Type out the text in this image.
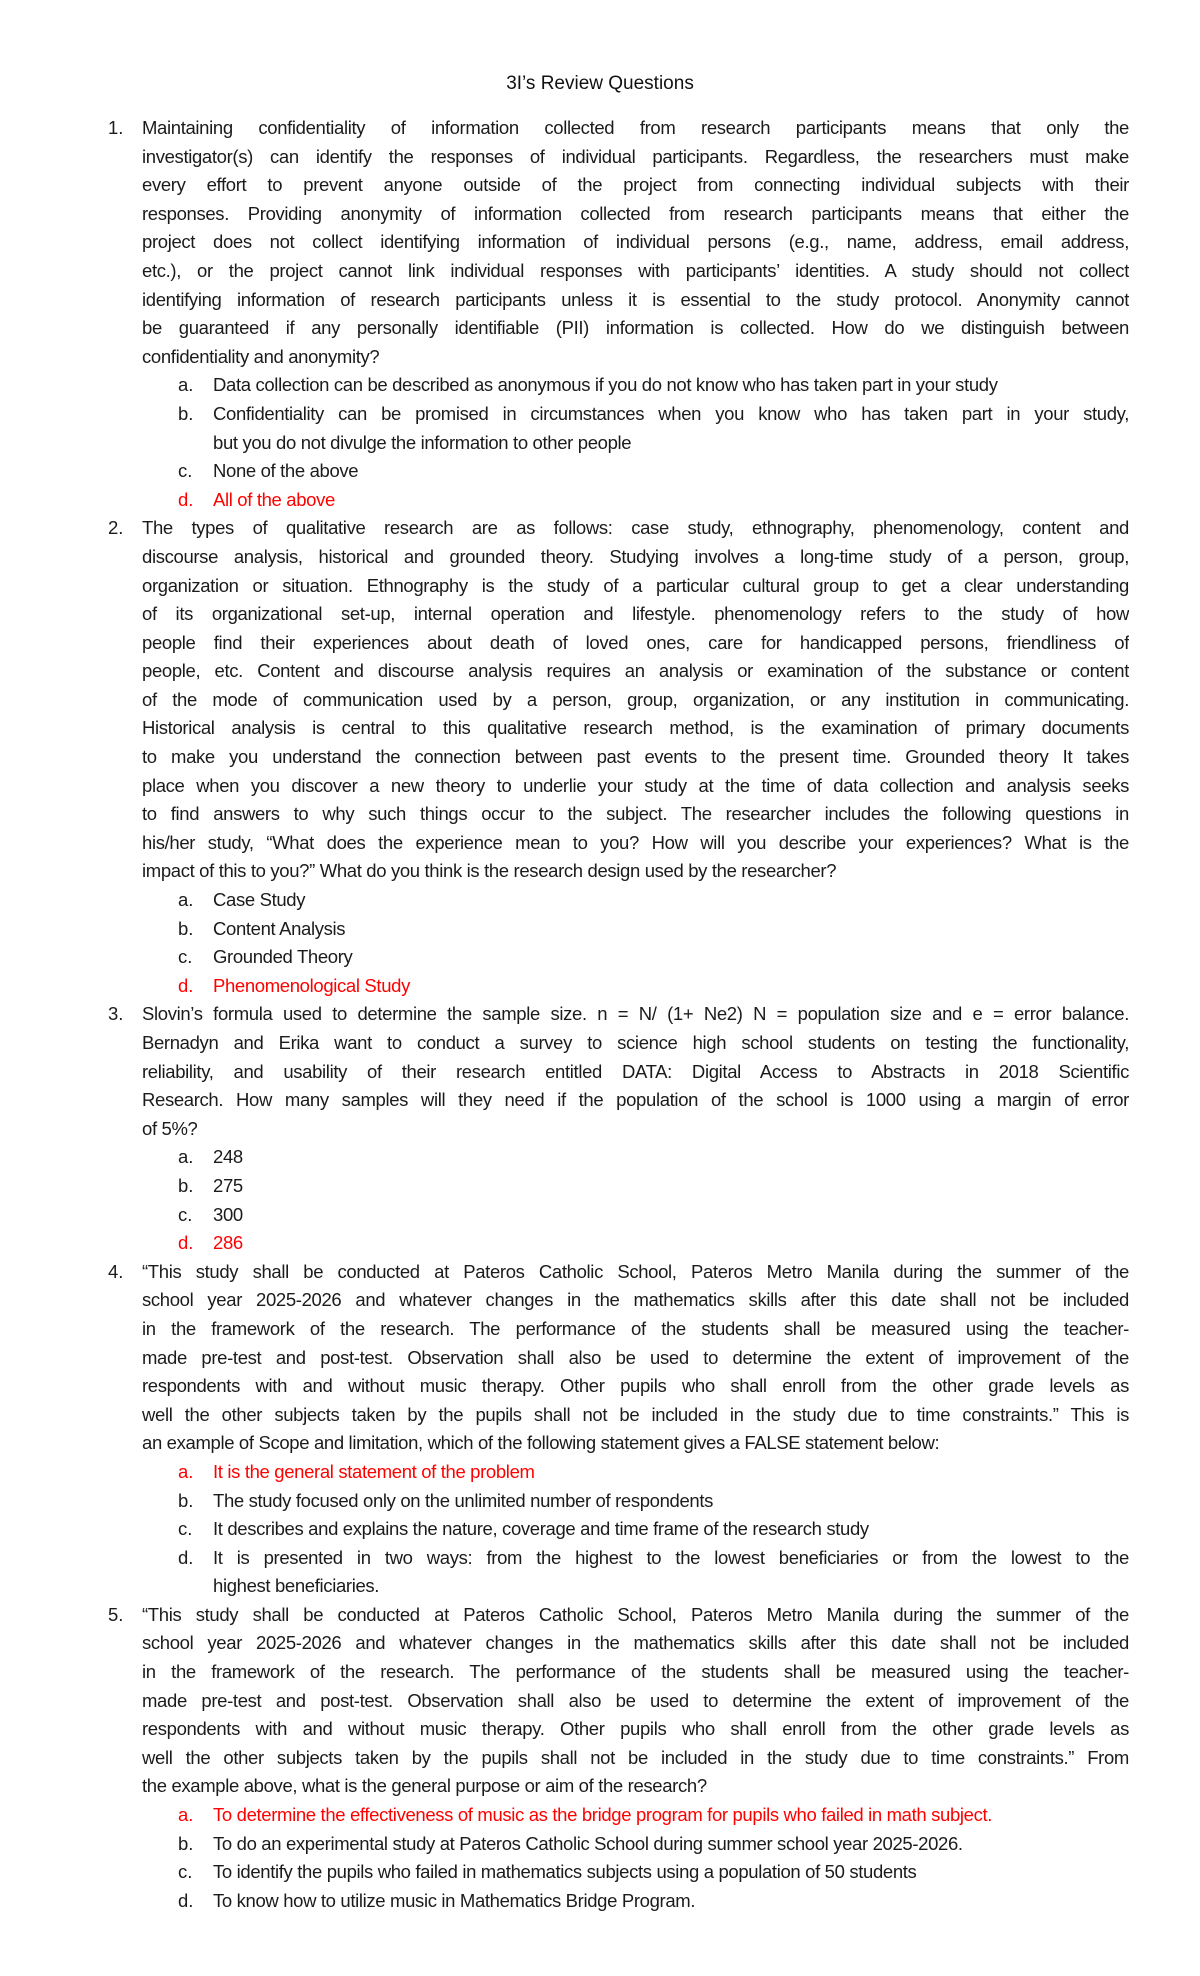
3I’s Review Questions
1. Maintaining confidentiality of information collected from research participants means that only the
investigator(s) can identify the responses of individual participants. Regardless, the researchers must make
every effort to prevent anyone outside of the project from connecting individual subjects with their
responses. Providing anonymity of information collected from research participants means that either the
project does not collect identifying information of individual persons (e.g., name, address, email address,
etc.), or the project cannot link individual responses with participants’ identities. A study should not collect
identifying information of research participants unless it is essential to the study protocol. Anonymity cannot
be guaranteed if any personally identifiable (PII) information is collected. How do we distinguish between
confidentiality and anonymity?
a. Data collection can be described as anonymous if you do not know who has taken part in your study
b. Confidentiality can be promised in circumstances when you know who has taken part in your study,
but you do not divulge the information to other people
c. None of the above
d. All of the above
2. The types of qualitative research are as follows: case study, ethnography, phenomenology, content and
discourse analysis, historical and grounded theory. Studying involves a long-time study of a person, group,
organization or situation. Ethnography is the study of a particular cultural group to get a clear understanding
of its organizational set-up, internal operation and lifestyle. phenomenology refers to the study of how
people find their experiences about death of loved ones, care for handicapped persons, friendliness of
people, etc. Content and discourse analysis requires an analysis or examination of the substance or content
of the mode of communication used by a person, group, organization, or any institution in communicating.
Historical analysis is central to this qualitative research method, is the examination of primary documents
to make you understand the connection between past events to the present time. Grounded theory It takes
place when you discover a new theory to underlie your study at the time of data collection and analysis seeks
to find answers to why such things occur to the subject. The researcher includes the following questions in
his/her study, “What does the experience mean to you? How will you describe your experiences? What is the
impact of this to you?” What do you think is the research design used by the researcher?
a. Case Study
b. Content Analysis
c. Grounded Theory
d. Phenomenological Study
3. Slovin’s formula used to determine the sample size. n = N/ (1+ Ne2) N = population size and e = error balance.
Bernadyn and Erika want to conduct a survey to science high school students on testing the functionality,
reliability, and usability of their research entitled DATA: Digital Access to Abstracts in 2018 Scientific
Research. How many samples will they need if the population of the school is 1000 using a margin of error
of 5%?
a. 248
b. 275
c. 300
d. 286
4. “This study shall be conducted at Pateros Catholic School, Pateros Metro Manila during the summer of the
school year 2025-2026 and whatever changes in the mathematics skills after this date shall not be included
in the framework of the research. The performance of the students shall be measured using the teacher-
made pre-test and post-test. Observation shall also be used to determine the extent of improvement of the
respondents with and without music therapy. Other pupils who shall enroll from the other grade levels as
well the other subjects taken by the pupils shall not be included in the study due to time constraints.” This is
an example of Scope and limitation, which of the following statement gives a FALSE statement below:
a. It is the general statement of the problem
b. The study focused only on the unlimited number of respondents
c. It describes and explains the nature, coverage and time frame of the research study
d. It is presented in two ways: from the highest to the lowest beneficiaries or from the lowest to the
highest beneficiaries.
5. “This study shall be conducted at Pateros Catholic School, Pateros Metro Manila during the summer of the
school year 2025-2026 and whatever changes in the mathematics skills after this date shall not be included
in the framework of the research. The performance of the students shall be measured using the teacher-
made pre-test and post-test. Observation shall also be used to determine the extent of improvement of the
respondents with and without music therapy. Other pupils who shall enroll from the other grade levels as
well the other subjects taken by the pupils shall not be included in the study due to time constraints.” From
the example above, what is the general purpose or aim of the research?
a. To determine the effectiveness of music as the bridge program for pupils who failed in math subject.
b. To do an experimental study at Pateros Catholic School during summer school year 2025-2026.
c. To identify the pupils who failed in mathematics subjects using a population of 50 students
d. To know how to utilize music in Mathematics Bridge Program.
